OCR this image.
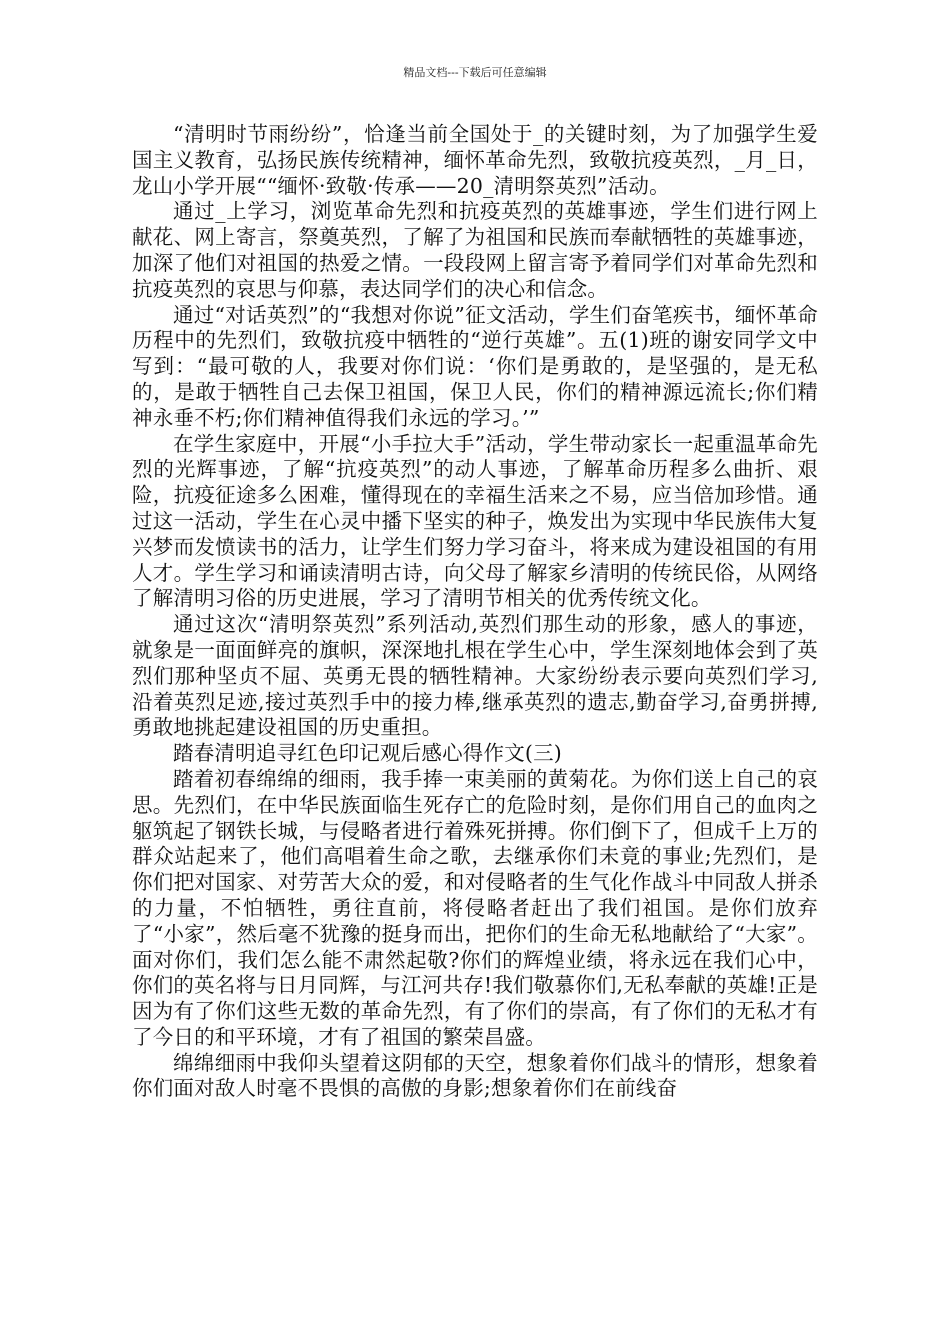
精品文档---下载后可任意编辑

“清明时节雨纷纷”，恰逢当前全国处于_的关键时刻，为了加强学生爱国主义教育，弘扬民族传统精神，缅怀革命先烈，致敬抗疫英烈，_月_日，龙山小学开展““缅怀·致敬·传承——20_清明祭英烈”活动。

通过_上学习，浏览革命先烈和抗疫英烈的英雄事迹，学生们进行网上献花、网上寄言，祭奠英烈，了解了为祖国和民族而奉献牺牲的英雄事迹，加深了他们对祖国的热爱之情。一段段网上留言寄予着同学们对革命先烈和抗疫英烈的哀思与仰慕，表达同学们的决心和信念。

通过“对话英烈”的“我想对你说”征文活动，学生们奋笔疾书，缅怀革命历程中的先烈们，致敬抗疫中牺牲的“逆行英雄”。五(1)班的谢安同学文中写到：“最可敬的人，我要对你们说：‘你们是勇敢的，是坚强的，是无私的，是敢于牺牲自己去保卫祖国，保卫人民，你们的精神源远流长;你们精神永垂不朽;你们精神值得我们永远的学习。’”

在学生家庭中，开展“小手拉大手”活动，学生带动家长一起重温革命先烈的光辉事迹，了解“抗疫英烈”的动人事迹，了解革命历程多么曲折、艰险，抗疫征途多么困难，懂得现在的幸福生活来之不易，应当倍加珍惜。通过这一活动，学生在心灵中播下坚实的种子，焕发出为实现中华民族伟大复兴梦而发愤读书的活力，让学生们努力学习奋斗，将来成为建设祖国的有用人才。学生学习和诵读清明古诗，向父母了解家乡清明的传统民俗，从网络了解清明习俗的历史进展，学习了清明节相关的优秀传统文化。

通过这次“清明祭英烈”系列活动,英烈们那生动的形象，感人的事迹，就象是一面面鲜亮的旗帜，深深地扎根在学生心中，学生深刻地体会到了英烈们那种坚贞不屈、英勇无畏的牺牲精神。大家纷纷表示要向英烈们学习,沿着英烈足迹,接过英烈手中的接力棒,继承英烈的遗志,勤奋学习,奋勇拼搏,勇敢地挑起建设祖国的历史重担。

踏春清明追寻红色印记观后感心得作文(三)

踏着初春绵绵的细雨，我手捧一束美丽的黄菊花。为你们送上自己的哀思。先烈们，在中华民族面临生死存亡的危险时刻，是你们用自己的血肉之躯筑起了钢铁长城，与侵略者进行着殊死拼搏。你们倒下了，但成千上万的群众站起来了，他们高唱着生命之歌，去继承你们未竟的事业;先烈们，是你们把对国家、对劳苦大众的爱，和对侵略者的生气化作战斗中同敌人拼杀的力量，不怕牺牲，勇往直前，将侵略者赶出了我们祖国。是你们放弃了“小家”，然后毫不犹豫的挺身而出，把你们的生命无私地献给了“大家”。面对你们，我们怎么能不肃然起敬?你们的辉煌业绩，将永远在我们心中，你们的英名将与日月同辉，与江河共存!我们敬慕你们,无私奉献的英雄!正是因为有了你们这些无数的革命先烈，有了你们的崇高，有了你们的无私才有了今日的和平环境，才有了祖国的繁荣昌盛。

绵绵细雨中我仰头望着这阴郁的天空，想象着你们战斗的情形，想象着你们面对敌人时毫不畏惧的高傲的身影;想象着你们在前线奋
